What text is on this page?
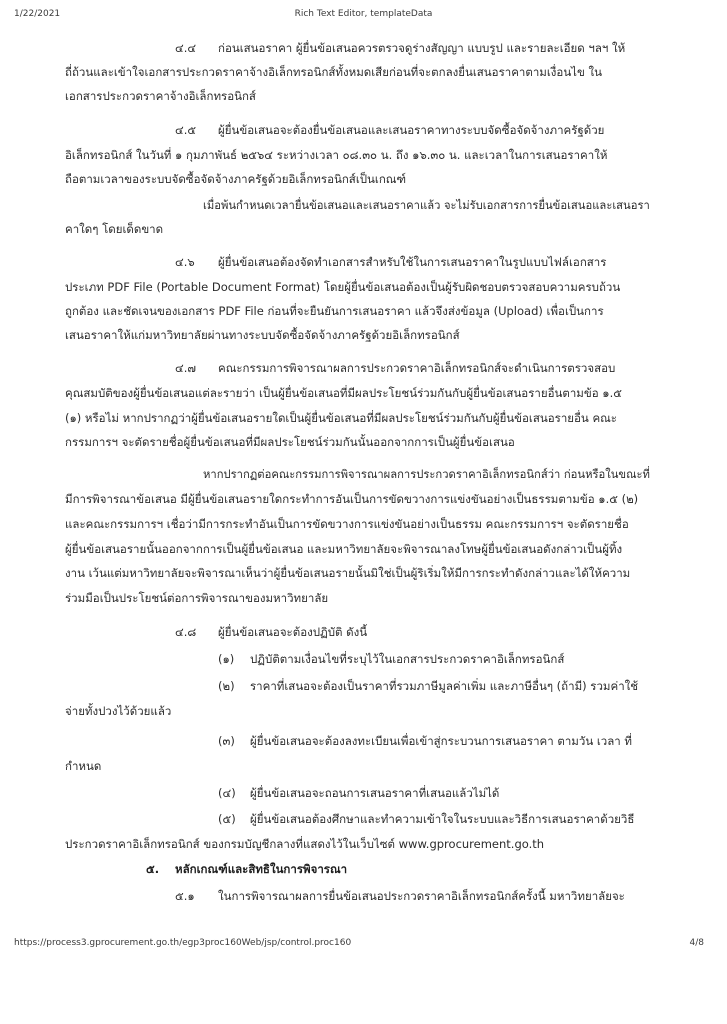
1/22/2021	Rich Text Editor, templateData
๔.๔ ก่อนเสนอราคา ผู้ยื่นข้อเสนอควรตรวจดูร่างสัญญา แบบรูป และรายละเอียด ฯลฯ ให้
ถี่ถ้วนและเข้าใจเอกสารประกวดราคาจ้างอิเล็กทรอนิกส์ทั้งหมดเสียก่อนที่จะตกลงยื่นเสนอราคาตามเงื่อนไข ใน
เอกสารประกวดราคาจ้างอิเล็กทรอนิกส์
๔.๕ ผู้ยื่นข้อเสนอจะต้องยื่นข้อเสนอและเสนอราคาทางระบบจัดซื้อจัดจ้างภาครัฐด้วย
อิเล็กทรอนิกส์ ในวันที่ ๑ กุมภาพันธ์ ๒๕๖๔ ระหว่างเวลา ๐๘.๓๐ น. ถึง ๑๖.๓๐ น. และเวลาในการเสนอราคาให้
ถือตามเวลาของระบบจัดซื้อจัดจ้างภาครัฐด้วยอิเล็กทรอนิกส์เป็นเกณฑ์
เมื่อพ้นกำหนดเวลายื่นข้อเสนอและเสนอราคาแล้ว จะไม่รับเอกสารการยื่นข้อเสนอและเสนอรา
คาใดๆ โดยเด็ดขาด
๔.๖ ผู้ยื่นข้อเสนอต้องจัดทำเอกสารสำหรับใช้ในการเสนอราคาในรูปแบบไฟล์เอกสาร
ประเภท PDF File (Portable Document Format) โดยผู้ยื่นข้อเสนอต้องเป็นผู้รับผิดชอบตรวจสอบความครบถ้วน
ถูกต้อง และชัดเจนของเอกสาร PDF File ก่อนที่จะยืนยันการเสนอราคา แล้วจึงส่งข้อมูล (Upload) เพื่อเป็นการ
เสนอราคาให้แก่มหาวิทยาลัยผ่านทางระบบจัดซื้อจัดจ้างภาครัฐด้วยอิเล็กทรอนิกส์
๔.๗ คณะกรรมการพิจารณาผลการประกวดราคาอิเล็กทรอนิกส์จะดำเนินการตรวจสอบ
คุณสมบัติของผู้ยื่นข้อเสนอแต่ละรายว่า เป็นผู้ยื่นข้อเสนอที่มีผลประโยชน์ร่วมกันกับผู้ยื่นข้อเสนอรายอื่นตามข้อ ๑.๕
(๑) หรือไม่ หากปรากฏว่าผู้ยื่นข้อเสนอรายใดเป็นผู้ยื่นข้อเสนอที่มีผลประโยชน์ร่วมกันกับผู้ยื่นข้อเสนอรายอื่น คณะ
กรรมการฯ จะตัดรายชื่อผู้ยื่นข้อเสนอที่มีผลประโยชน์ร่วมกันนั้นออกจากการเป็นผู้ยื่นข้อเสนอ
หากปรากฏต่อคณะกรรมการพิจารณาผลการประกวดราคาอิเล็กทรอนิกส์ว่า ก่อนหรือในขณะที่
มีการพิจารณาข้อเสนอ มีผู้ยื่นข้อเสนอรายใดกระทำการอันเป็นการขัดขวางการแข่งขันอย่างเป็นธรรมตามข้อ ๑.๕ (๒)
และคณะกรรมการฯ เชื่อว่ามีการกระทำอันเป็นการขัดขวางการแข่งขันอย่างเป็นธรรม คณะกรรมการฯ จะตัดรายชื่อ
ผู้ยื่นข้อเสนอรายนั้นออกจากการเป็นผู้ยื่นข้อเสนอ และมหาวิทยาลัยจะพิจารณาลงโทษผู้ยื่นข้อเสนอดังกล่าวเป็นผู้ทิ้ง
งาน เว้นแต่มหาวิทยาลัยจะพิจารณาเห็นว่าผู้ยื่นข้อเสนอรายนั้นมิใช่เป็นผู้ริเริ่มให้มีการกระทำดังกล่าวและได้ให้ความ
ร่วมมือเป็นประโยชน์ต่อการพิจารณาของมหาวิทยาลัย
๔.๘ ผู้ยื่นข้อเสนอจะต้องปฏิบัติ ดังนี้
(๑) ปฏิบัติตามเงื่อนไขที่ระบุไว้ในเอกสารประกวดราคาอิเล็กทรอนิกส์
(๒) ราคาที่เสนอจะต้องเป็นราคาที่รวมภาษีมูลค่าเพิ่ม และภาษีอื่นๆ (ถ้ามี) รวมค่าใช้
จ่ายทั้งปวงไว้ด้วยแล้ว
(๓) ผู้ยื่นข้อเสนอจะต้องลงทะเบียนเพื่อเข้าสู่กระบวนการเสนอราคา ตามวัน เวลา ที่
กำหนด
(๔) ผู้ยื่นข้อเสนอจะถอนการเสนอราคาที่เสนอแล้วไม่ได้
(๕) ผู้ยื่นข้อเสนอต้องศึกษาและทำความเข้าใจในระบบและวิธีการเสนอราคาด้วยวิธี
ประกวดราคาอิเล็กทรอนิกส์ ของกรมบัญชีกลางที่แสดงไว้ในเว็บไซต์ www.gprocurement.go.th
๕. หลักเกณฑ์และสิทธิในการพิจารณา
๕.๑ ในการพิจารณาผลการยื่นข้อเสนอประกวดราคาอิเล็กทรอนิกส์ครั้งนี้ มหาวิทยาลัยจะ
https://process3.gprocurement.go.th/egp3proc160Web/jsp/control.proc160	4/8
